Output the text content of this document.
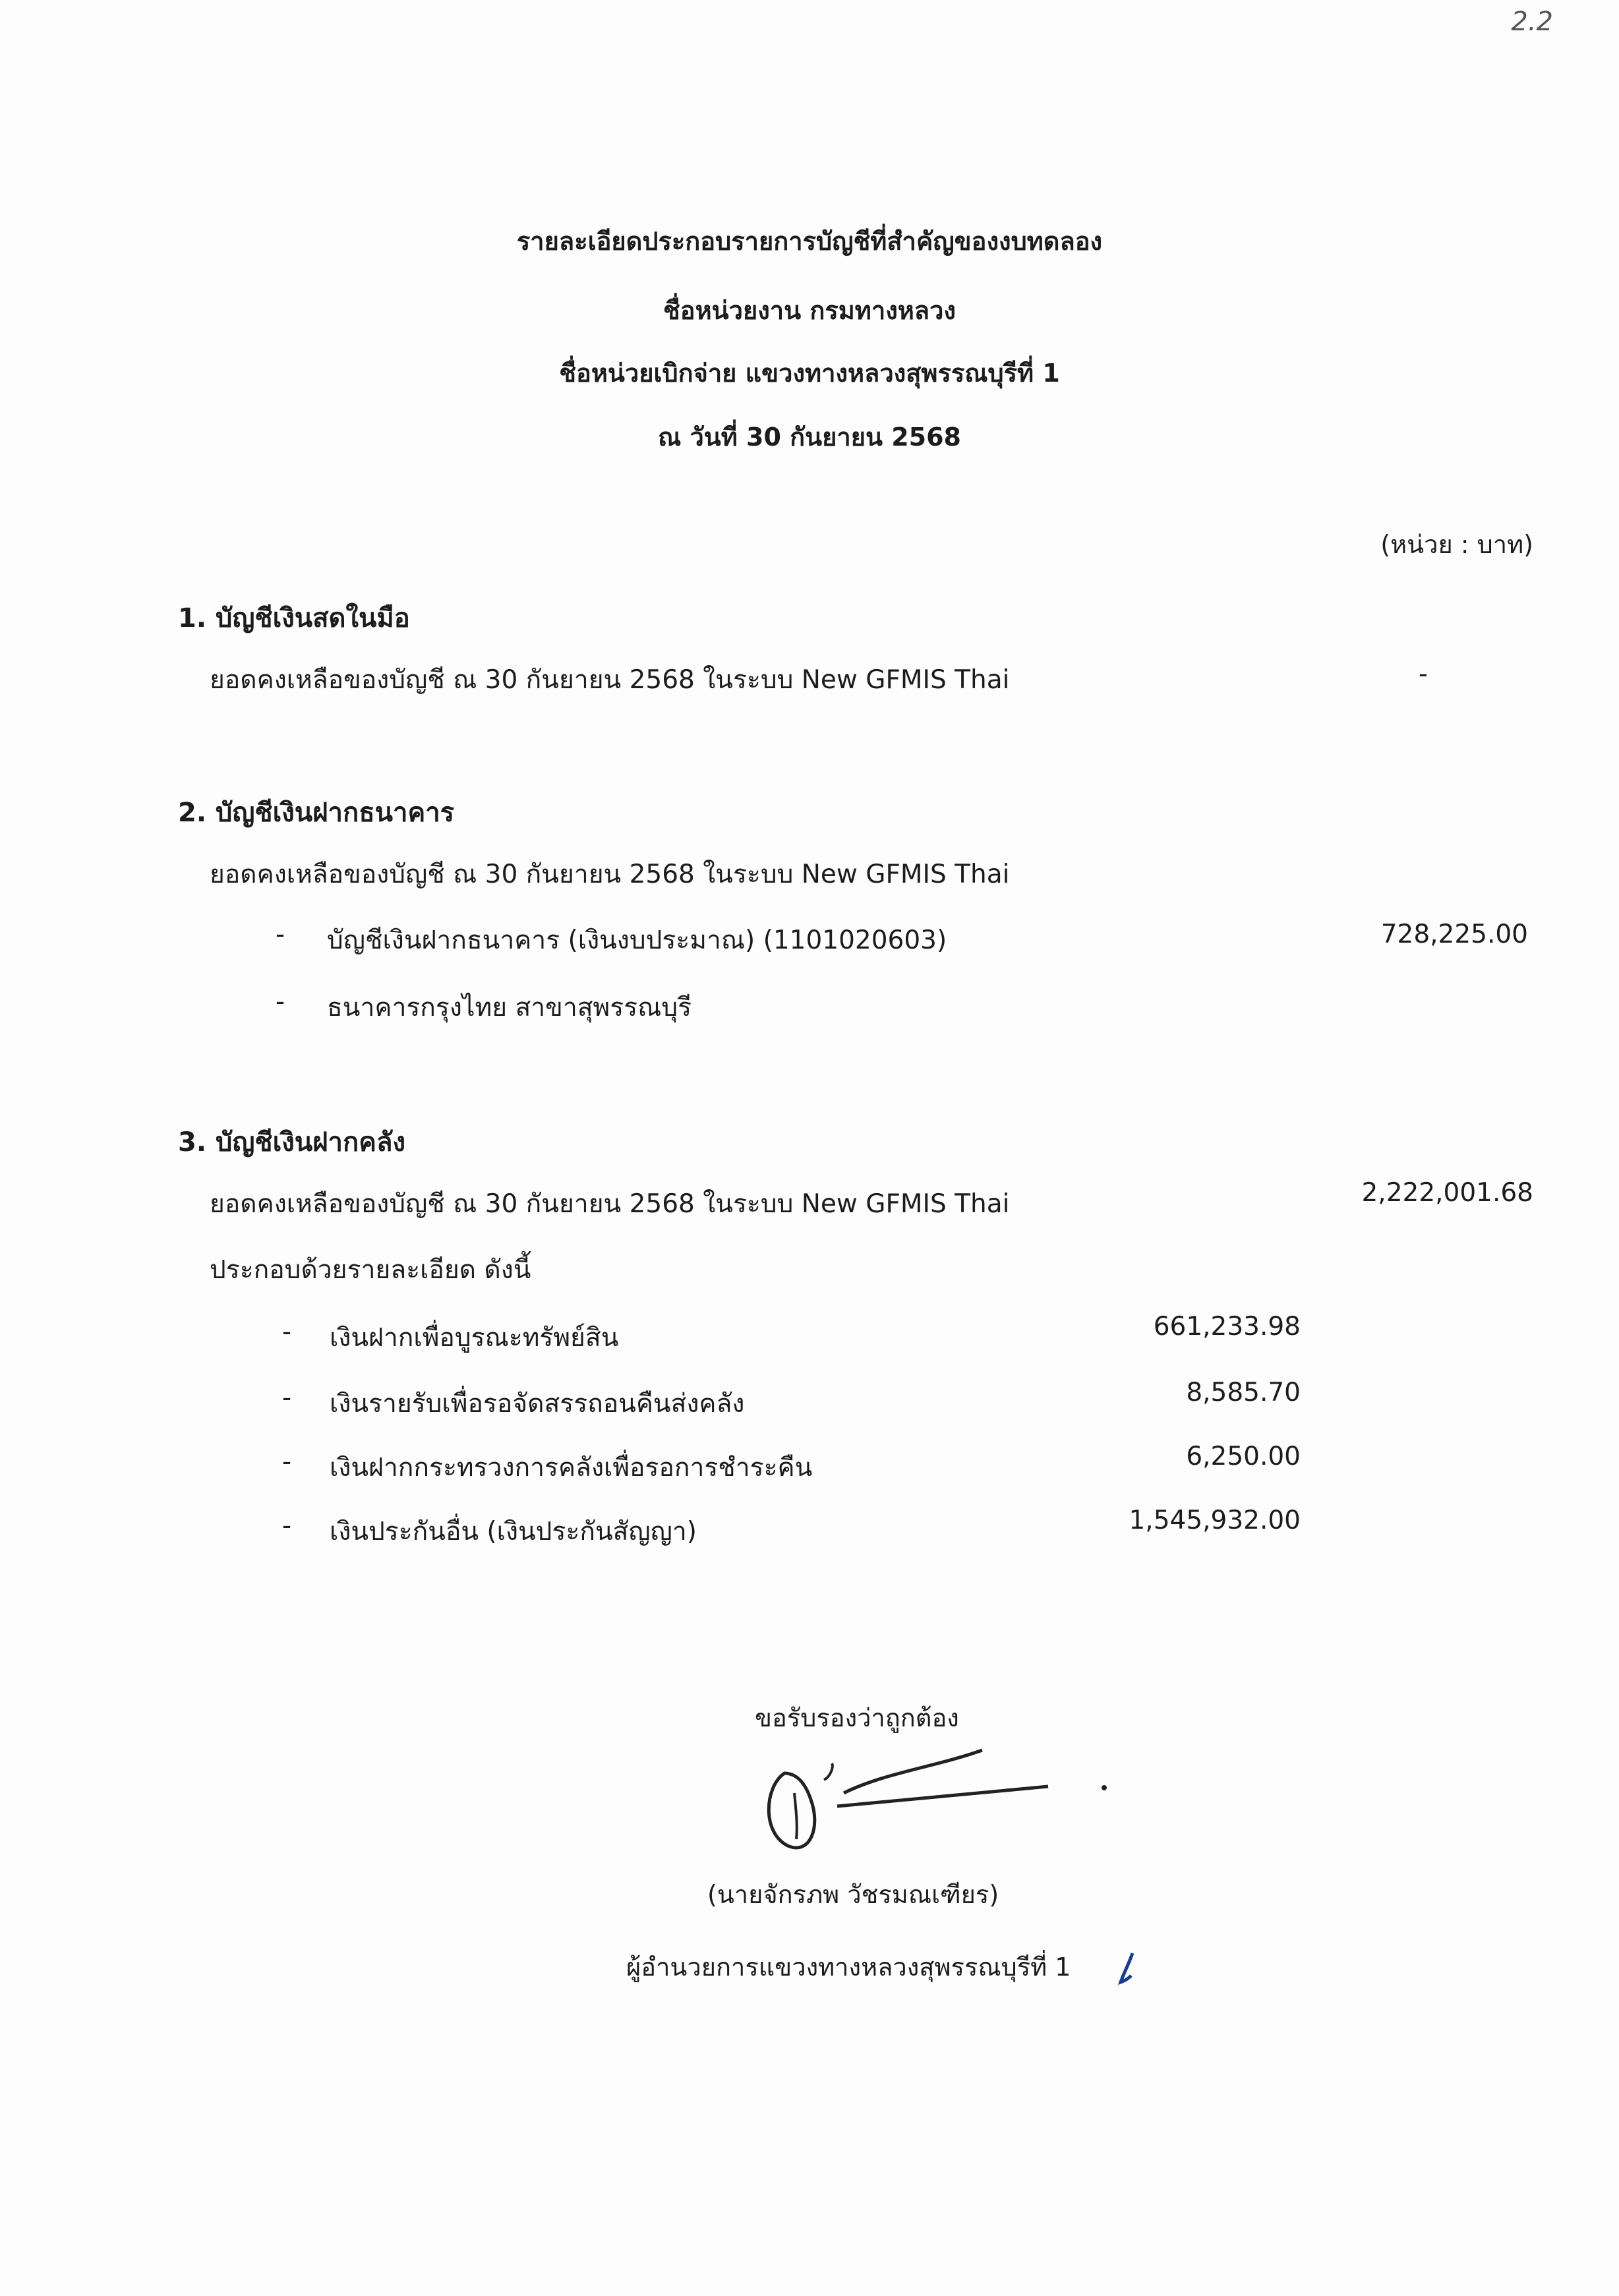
2.2
รายละเอียดประกอบรายการบัญชีที่สำคัญของงบทดลอง
ชื่อหน่วยงาน กรมทางหลวง
ชื่อหน่วยเบิกจ่าย แขวงทางหลวงสุพรรณบุรีที่ 1
ณ วันที่ 30 กันยายน 2568
(หน่วย : บาท)
1. บัญชีเงินสดในมือ
ยอดคงเหลือของบัญชี ณ 30 กันยายน 2568 ในระบบ New GFMIS Thai	-
2. บัญชีเงินฝากธนาคาร
ยอดคงเหลือของบัญชี ณ 30 กันยายน 2568 ในระบบ New GFMIS Thai
- บัญชีเงินฝากธนาคาร (เงินงบประมาณ) (1101020603)	728,225.00
- ธนาคารกรุงไทย สาขาสุพรรณบุรี
3. บัญชีเงินฝากคลัง
ยอดคงเหลือของบัญชี ณ 30 กันยายน 2568 ในระบบ New GFMIS Thai	2,222,001.68
ประกอบด้วยรายละเอียด ดังนี้
- เงินฝากเพื่อบูรณะทรัพย์สิน	661,233.98
- เงินรายรับเพื่อรอจัดสรรถอนคืนส่งคลัง	8,585.70
- เงินฝากกระทรวงการคลังเพื่อรอการชำระคืน	6,250.00
- เงินประกันอื่น (เงินประกันสัญญา)	1,545,932.00
ขอรับรองว่าถูกต้อง
(นายจักรภพ วัชรมณเฑียร)
ผู้อำนวยการแขวงทางหลวงสุพรรณบุรีที่ 1
